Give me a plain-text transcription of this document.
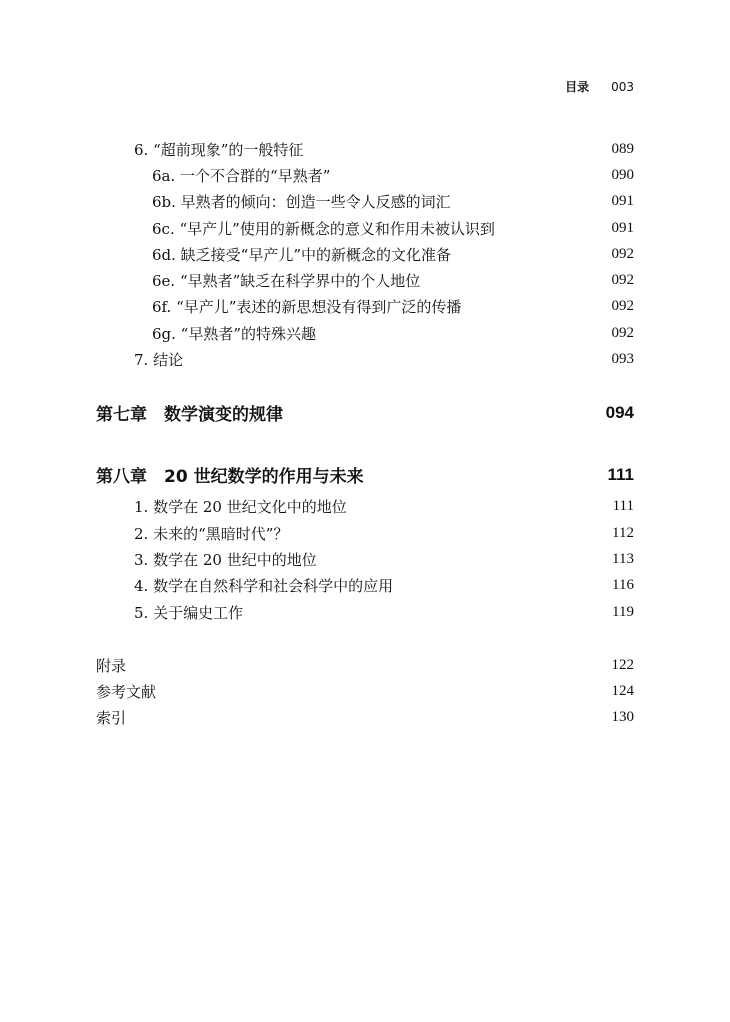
目录 003
6. “超前现象”的一般特征	089
6a. 一个不合群的“早熟者”	090
6b. 早熟者的倾向：创造一些令人反感的词汇	091
6c. “早产儿”使用的新概念的意义和作用未被认识到	091
6d. 缺乏接受“早产儿”中的新概念的文化准备	092
6e. “早熟者”缺乏在科学界中的个人地位	092
6f. “早产儿”表述的新思想没有得到广泛的传播	092
6g. “早熟者”的特殊兴趣	092
7. 结论	093
第七章　数学演变的规律	094
第八章　20 世纪数学的作用与未来	111
1. 数学在 20 世纪文化中的地位	111
2. 未来的“黑暗时代”？	112
3. 数学在 20 世纪中的地位	113
4. 数学在自然科学和社会科学中的应用	116
5. 关于编史工作	119
附录	122
参考文献	124
索引	130
